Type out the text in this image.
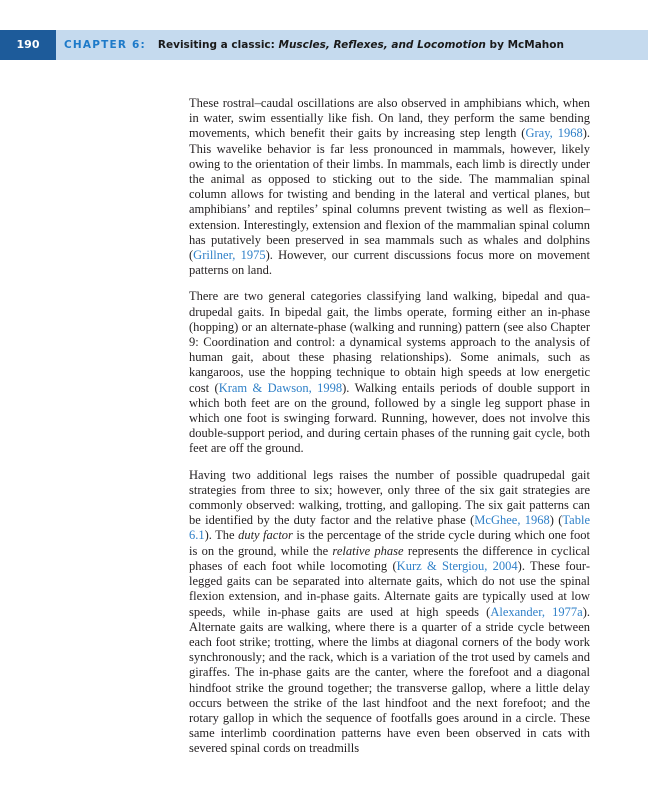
190	CHAPTER 6: Revisiting a classic: Muscles, Reflexes, and Locomotion by McMahon

These rostral–caudal oscillations are also observed in amphibians which, when in water, swim essentially like fish. On land, they perform the same bending movements, which benefit their gaits by increasing step length (Gray, 1968). This wavelike behavior is far less pronounced in mammals, however, likely owing to the orientation of their limbs. In mammals, each limb is directly under the animal as opposed to sticking out to the side. The mammalian spinal column allows for twisting and bending in the lateral and vertical planes, but amphibians’ and reptiles’ spinal columns prevent twisting as well as flexion–extension. Interestingly, extension and flexion of the mammalian spinal column has putatively been preserved in sea mammals such as whales and dolphins (Grillner, 1975). However, our current discussions focus more on movement patterns on land.

There are two general categories classifying land walking, bipedal and quadrupedal gaits. In bipedal gait, the limbs operate, forming either an in-phase (hopping) or an alternate-phase (walking and running) pattern (see also Chapter 9: Coordination and control: a dynamical systems approach to the analysis of human gait, about these phasing relationships). Some animals, such as kangaroos, use the hopping technique to obtain high speeds at low energetic cost (Kram & Dawson, 1998). Walking entails periods of double support in which both feet are on the ground, followed by a single leg support phase in which one foot is swinging forward. Running, however, does not involve this double-support period, and during certain phases of the running gait cycle, both feet are off the ground.

Having two additional legs raises the number of possible quadrupedal gait strategies from three to six; however, only three of the six gait strategies are commonly observed: walking, trotting, and galloping. The six gait patterns can be identified by the duty factor and the relative phase (McGhee, 1968) (Table 6.1). The duty factor is the percentage of the stride cycle during which one foot is on the ground, while the relative phase represents the difference in cyclical phases of each foot while locomoting (Kurz & Stergiou, 2004). These four-legged gaits can be separated into alternate gaits, which do not use the spinal flexion extension, and in-phase gaits. Alternate gaits are typically used at low speeds, while in-phase gaits are used at high speeds (Alexander, 1977a). Alternate gaits are walking, where there is a quarter of a stride cycle between each foot strike; trotting, where the limbs at diagonal corners of the body work synchronously; and the rack, which is a variation of the trot used by camels and giraffes. The in-phase gaits are the canter, where the forefoot and a diagonal hindfoot strike the ground together; the transverse gallop, where a little delay occurs between the strike of the last hindfoot and the next forefoot; and the rotary gallop in which the sequence of footfalls goes around in a circle. These same interlimb coordination patterns have even been observed in cats with severed spinal cords on treadmills
